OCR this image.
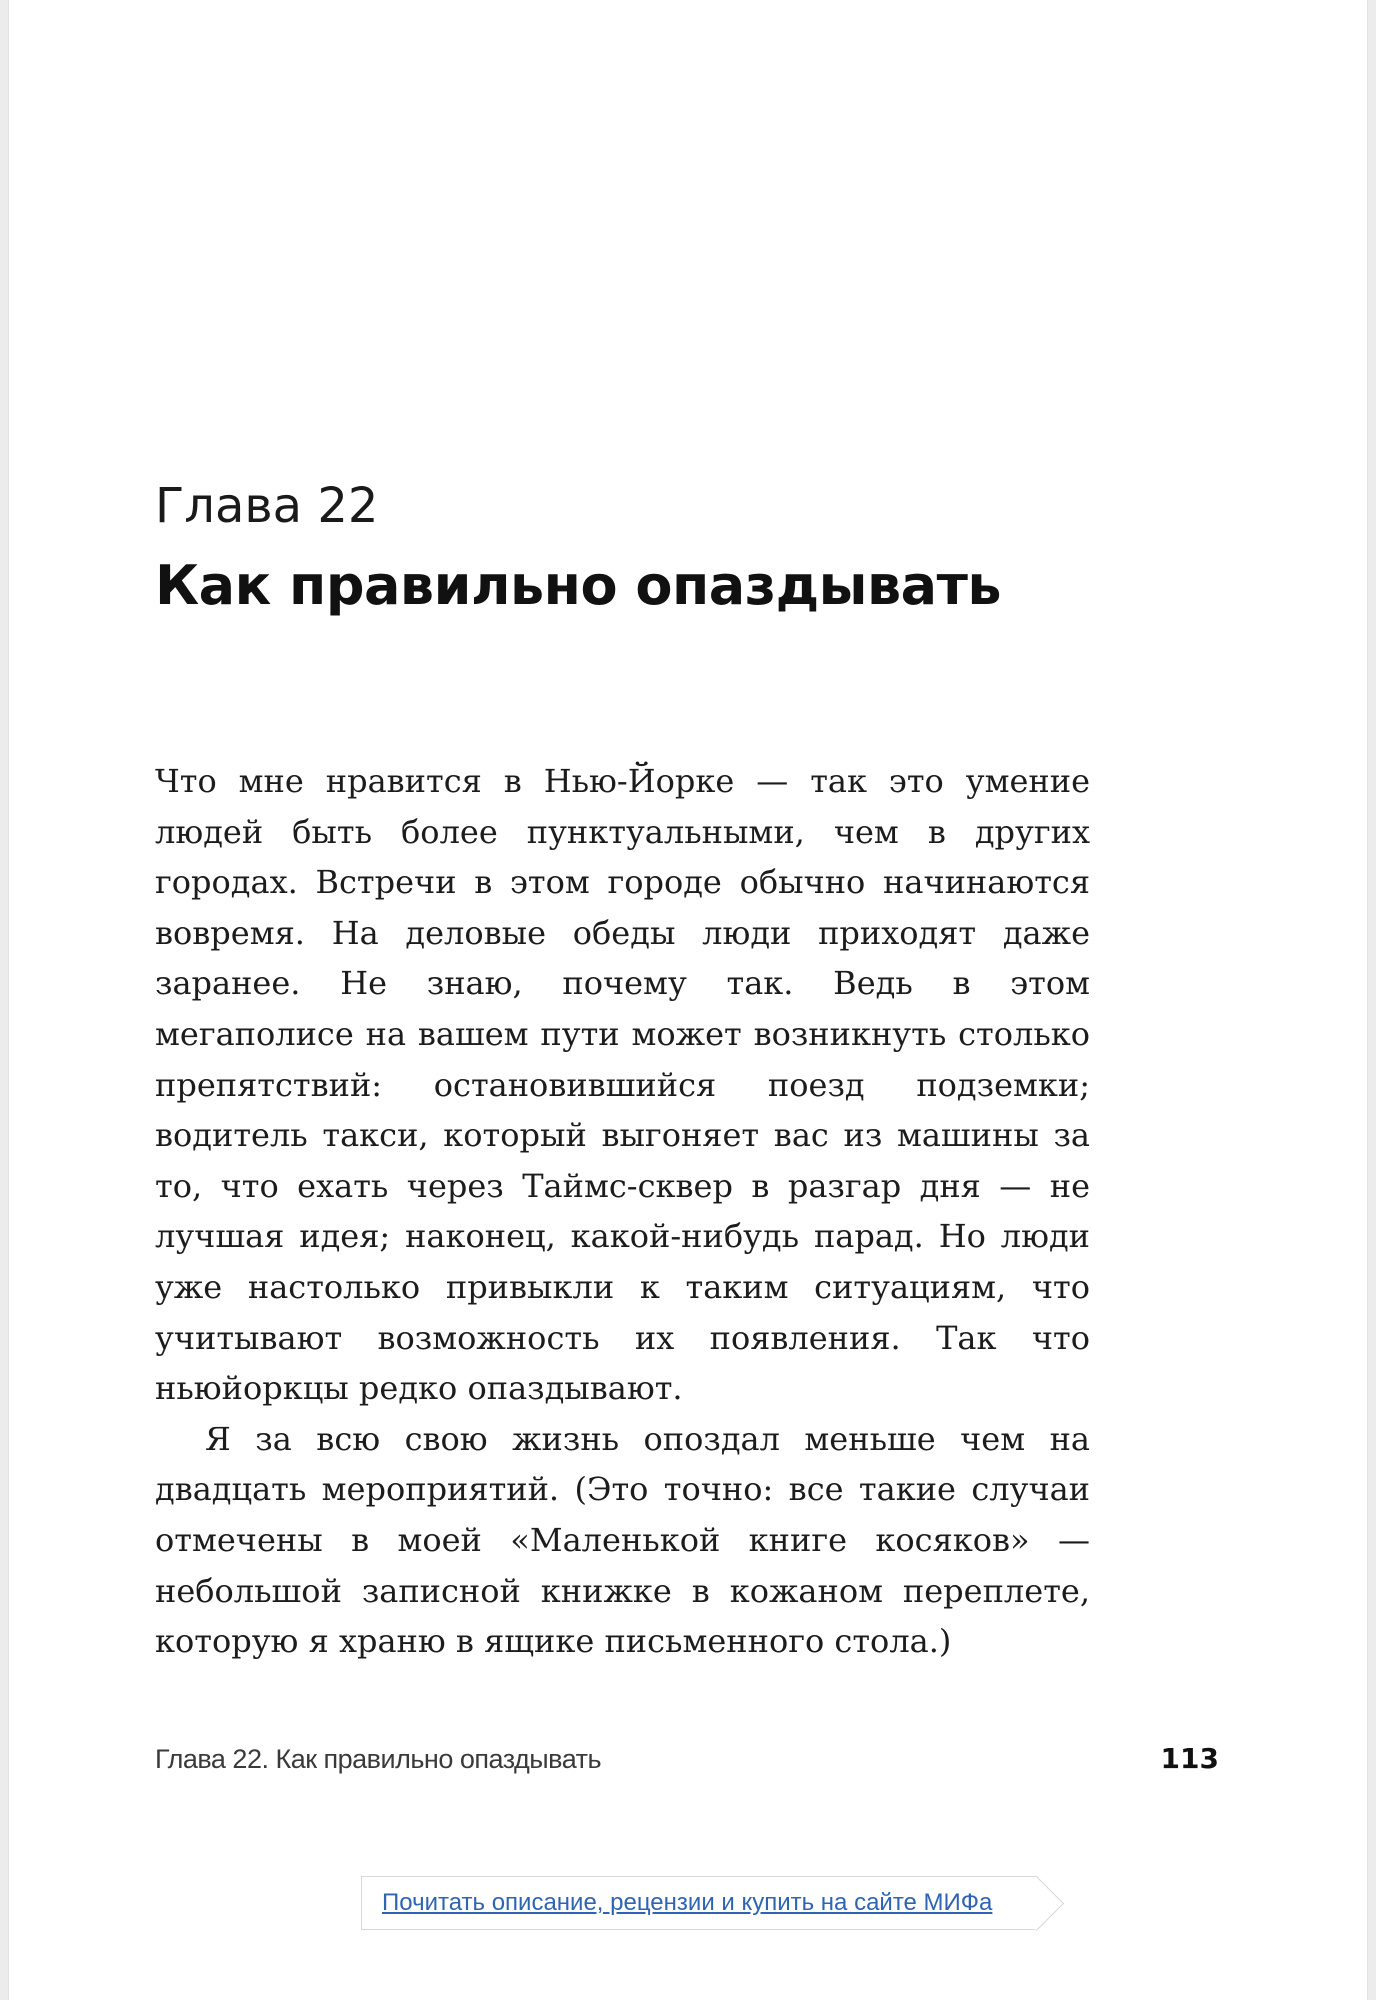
Глава 22
Как правильно опаздывать

Что мне нравится в Нью-Йорке — так это умение людей быть более пунктуальными, чем в других городах. Встречи в этом городе обычно начинаются вовремя. На деловые обеды люди приходят даже заранее. Не знаю, почему так. Ведь в этом мегаполисе на вашем пути может возникнуть столько препятствий: остановившийся поезд подземки; водитель такси, который выгоняет вас из машины за то, что ехать через Таймс-сквер в разгар дня — не лучшая идея; наконец, какой-нибудь парад. Но люди уже настолько привыкли к таким ситуациям, что учитывают возможность их появления. Так что ньюйоркцы редко опаздывают.

Я за всю свою жизнь опоздал меньше чем на двадцать мероприятий. (Это точно: все такие случаи отмечены в моей «Маленькой книге косяков» — небольшой записной книжке в кожаном переплете, которую я храню в ящике письменного стола.)

Глава 22. Как правильно опаздывать	113
Почитать описание, рецензии и купить на сайте МИФа
